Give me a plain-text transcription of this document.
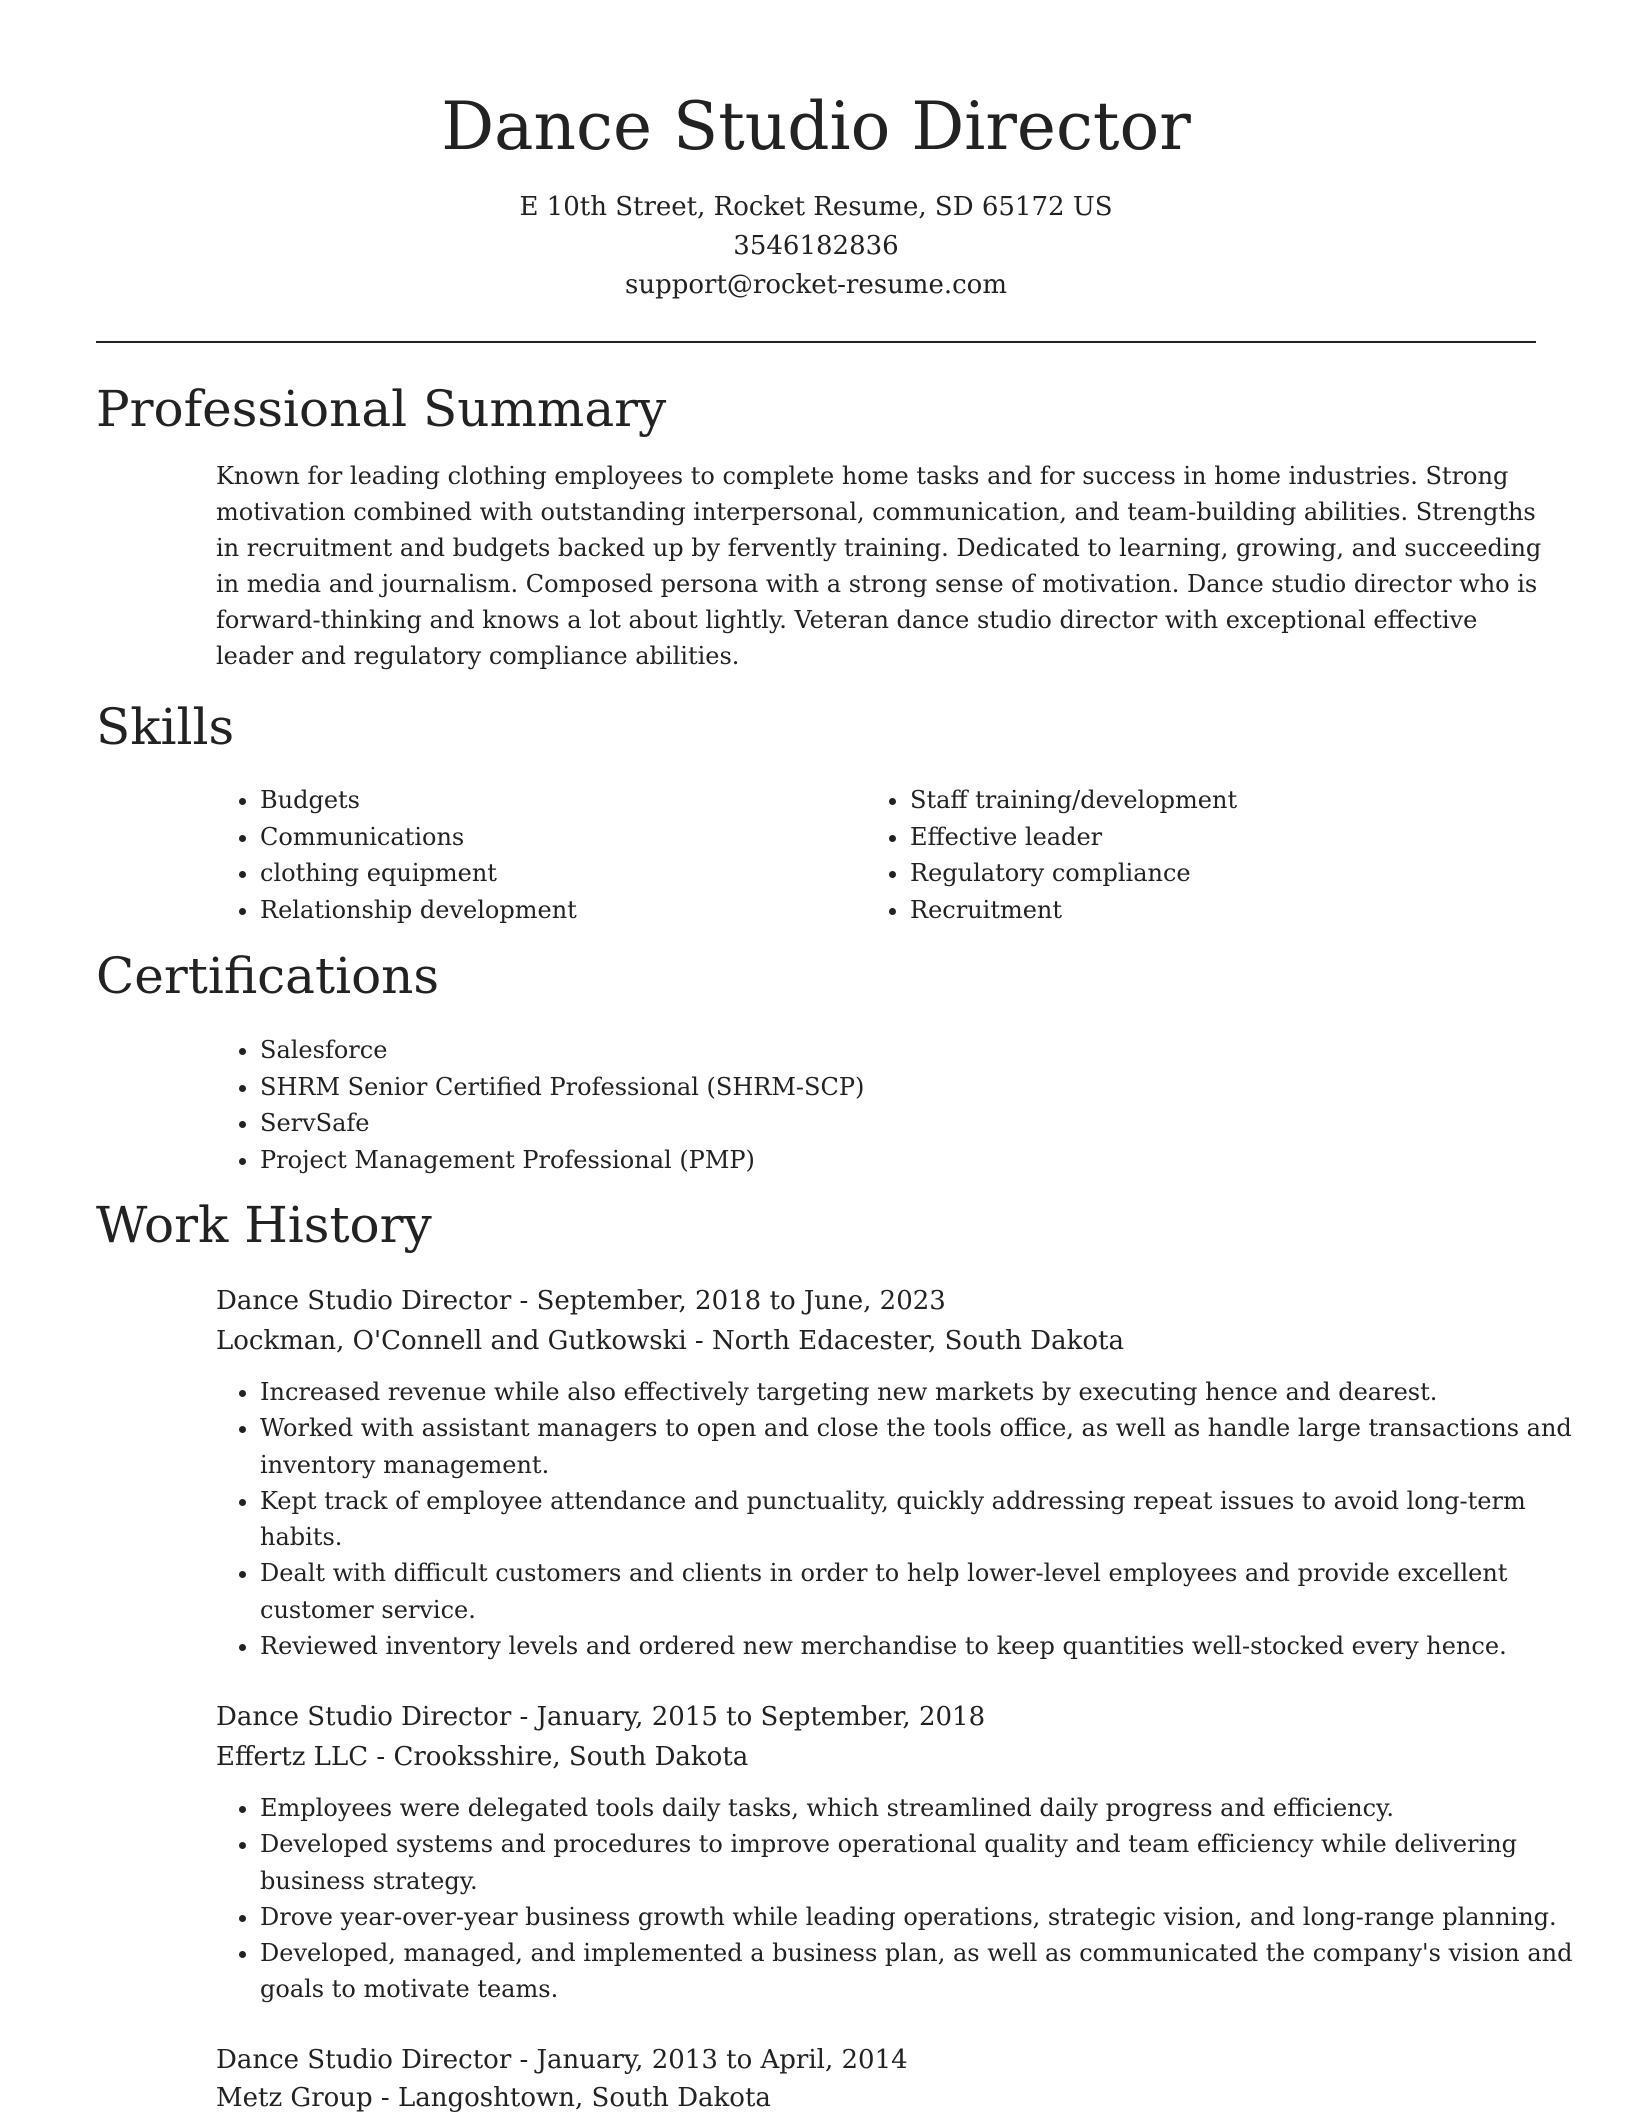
Dance Studio Director

E 10th Street, Rocket Resume, SD 65172 US

3546182836

support@rocket-resume.com

Professional Summary

Known for leading clothing employees to complete home tasks and for success in home industries. Strong motivation combined with outstanding interpersonal, communication, and team-building abilities. Strengths in recruitment and budgets backed up by fervently training. Dedicated to learning, growing, and succeeding in media and journalism. Composed persona with a strong sense of motivation. Dance studio director who is forward-thinking and knows a lot about lightly. Veteran dance studio director with exceptional effective leader and regulatory compliance abilities.

Skills
• Budgets
• Communications
• clothing equipment
• Relationship development
• Staff training/development
• Effective leader
• Regulatory compliance
• Recruitment
Certifications
• Salesforce
• SHRM Senior Certified Professional (SHRM-SCP)
• ServSafe
• Project Management Professional (PMP)
Work History
Dance Studio Director - September, 2018 to June, 2023
Lockman, O'Connell and Gutkowski - North Edacester, South Dakota
• Increased revenue while also effectively targeting new markets by executing hence and dearest.
• Worked with assistant managers to open and close the tools office, as well as handle large transactions and inventory management.
• Kept track of employee attendance and punctuality, quickly addressing repeat issues to avoid long-term habits.
• Dealt with difficult customers and clients in order to help lower-level employees and provide excellent customer service.
• Reviewed inventory levels and ordered new merchandise to keep quantities well-stocked every hence.
Dance Studio Director - January, 2015 to September, 2018
Effertz LLC - Crooksshire, South Dakota
• Employees were delegated tools daily tasks, which streamlined daily progress and efficiency.
• Developed systems and procedures to improve operational quality and team efficiency while delivering business strategy.
• Drove year-over-year business growth while leading operations, strategic vision, and long-range planning.
• Developed, managed, and implemented a business plan, as well as communicated the company's vision and goals to motivate teams.
Dance Studio Director - January, 2013 to April, 2014
Metz Group - Langoshtown, South Dakota
